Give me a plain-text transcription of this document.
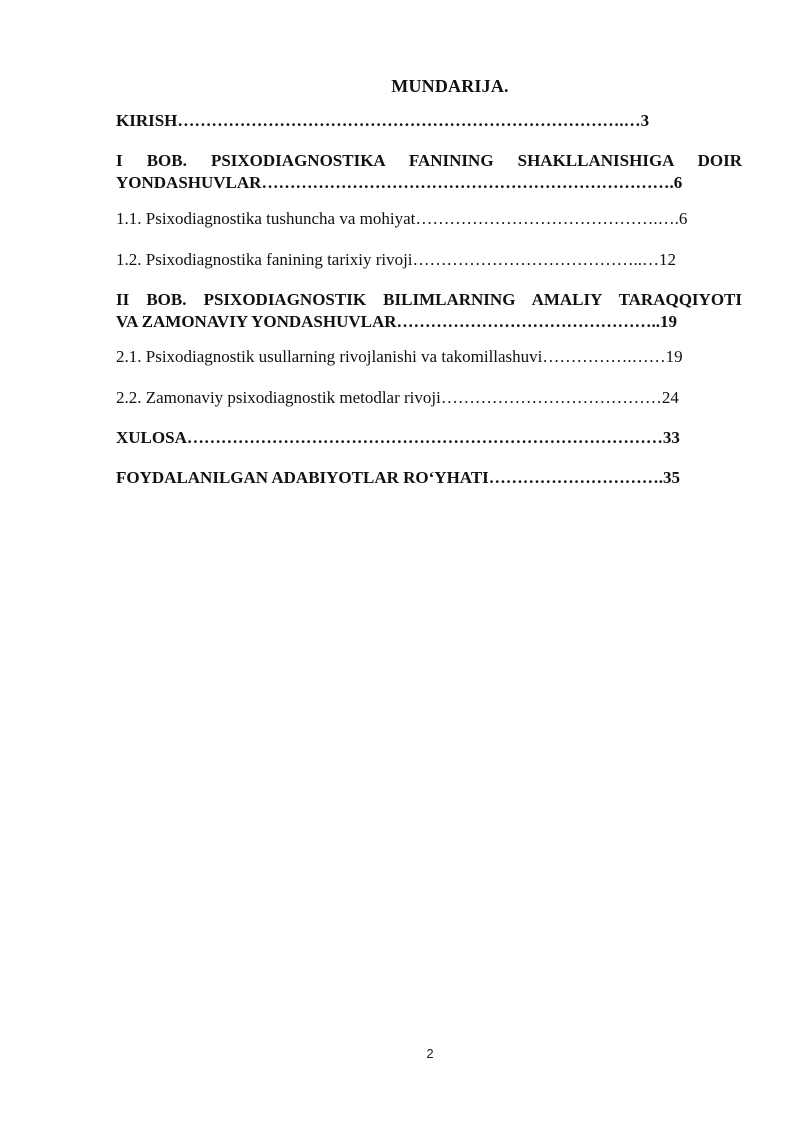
MUNDARIJA.
KIRISH…………………………………………………………………….…3
I BOB. PSIXODIAGNOSTIKA FANINING SHAKLLANISHIGA DOIR
YONDASHUVLAR……………………………………………………………….6
1.1. Psixodiagnostika tushuncha va mohiyat…………………………………….….6
1.2. Psixodiagnostika fanining tarixiy rivoji…………………………………..…12
II BOB. PSIXODIAGNOSTIK BILIMLARNING AMALIY TARAQQIYOTI
VA ZAMONAVIY YONDASHUVLAR………………………………………..19
2.1. Psixodiagnostik usullarning rivojlanishi va takomillashuvi…………….……19
2.2. Zamonaviy psixodiagnostik metodlar rivoji…………………………………24
XULOSA…………………………………………………………………………33
FOYDALANILGAN ADABIYOTLAR RO‘YHATI………………………….35
2
